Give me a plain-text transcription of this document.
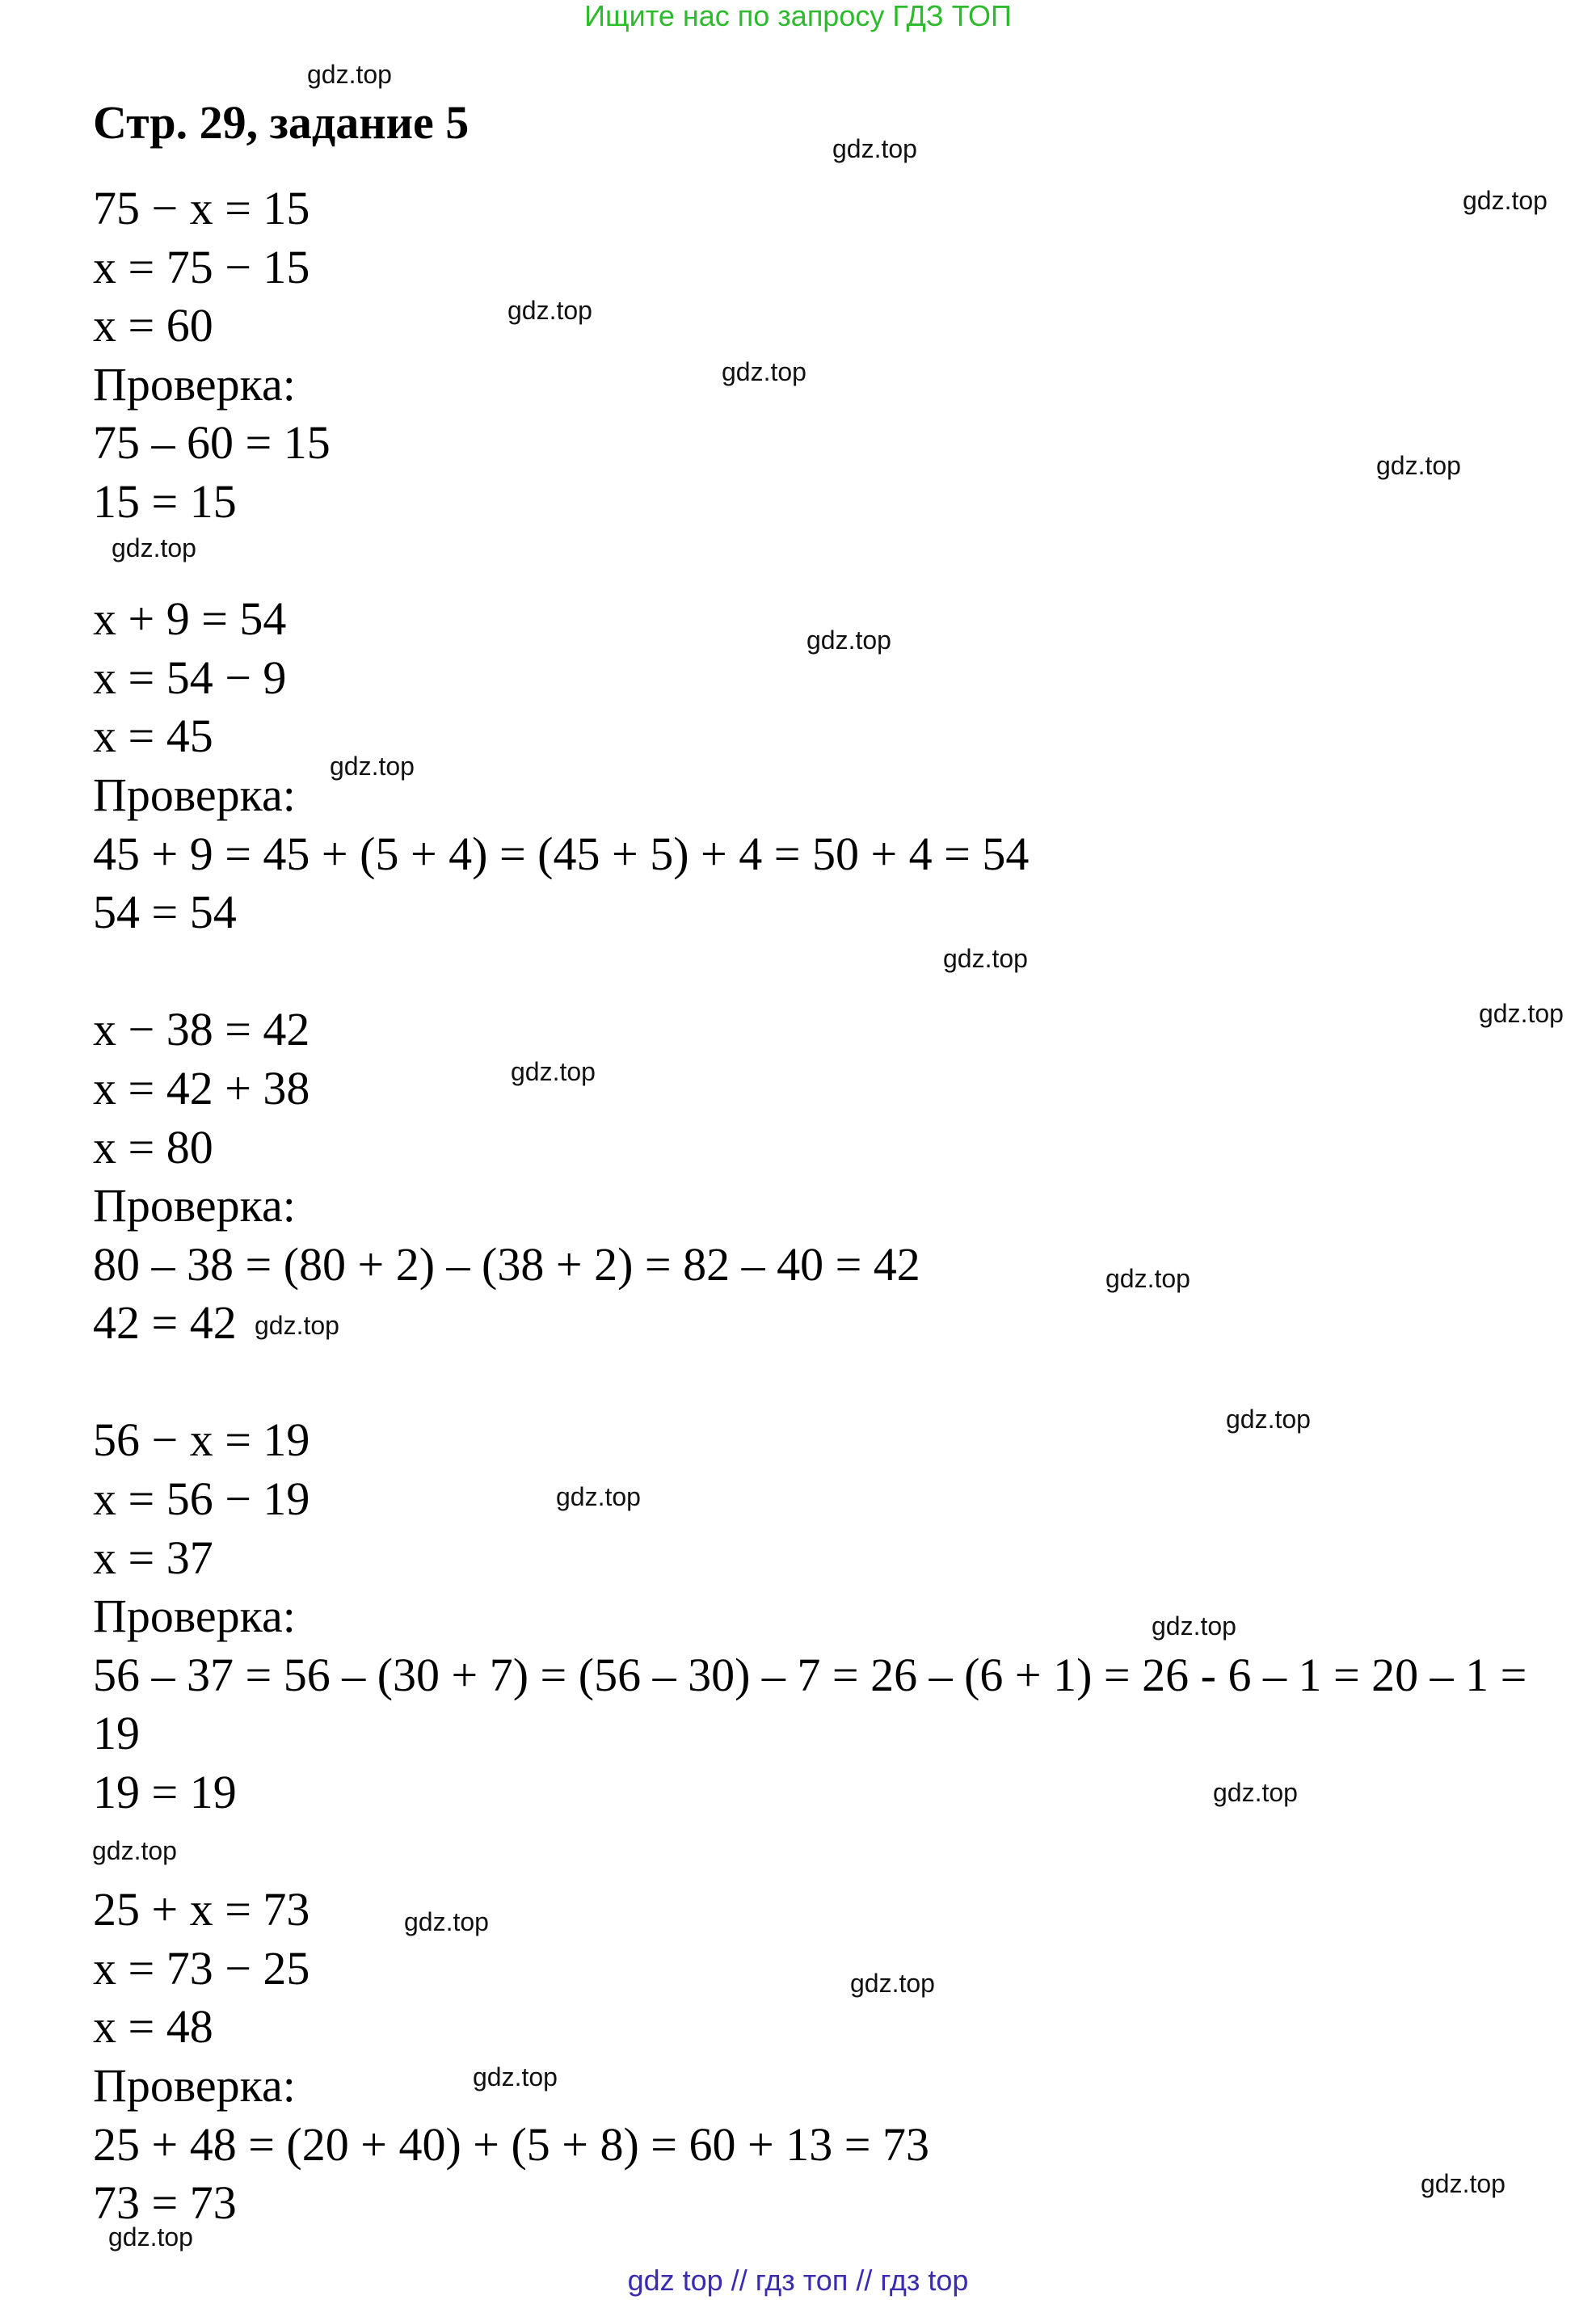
Ищите нас по запросу ГДЗ ТОП
Стр. 29, задание 5
75 − x = 15
x = 75 − 15
x = 60
Проверка:
75 – 60 = 15
15 = 15
x + 9 = 54
x = 54 − 9
x = 45
Проверка:
45 + 9 = 45 + (5 + 4) = (45 + 5) + 4 = 50 + 4 = 54
54 = 54
x − 38 = 42
x = 42 + 38
x = 80
Проверка:
80 – 38 = (80 + 2) – (38 + 2) = 82 – 40 = 42
42 = 42
56 − x = 19
x = 56 − 19
x = 37
Проверка:
56 – 37 = 56 – (30 + 7) = (56 – 30) – 7 = 26 – (6 + 1) = 26 - 6 – 1 = 20 – 1 =
19
19 = 19
25 + x = 73
x = 73 − 25
x = 48
Проверка:
25 + 48 = (20 + 40) + (5 + 8) = 60 + 13 = 73
73 = 73
gdz.top
gdz.top
gdz.top
gdz.top
gdz.top
gdz.top
gdz.top
gdz.top
gdz.top
gdz.top
gdz.top
gdz.top
gdz.top
gdz.top
gdz.top
gdz.top
gdz.top
gdz.top
gdz.top
gdz.top
gdz.top
gdz.top
gdz.top
gdz.top
gdz top // гдз топ // гдз top
